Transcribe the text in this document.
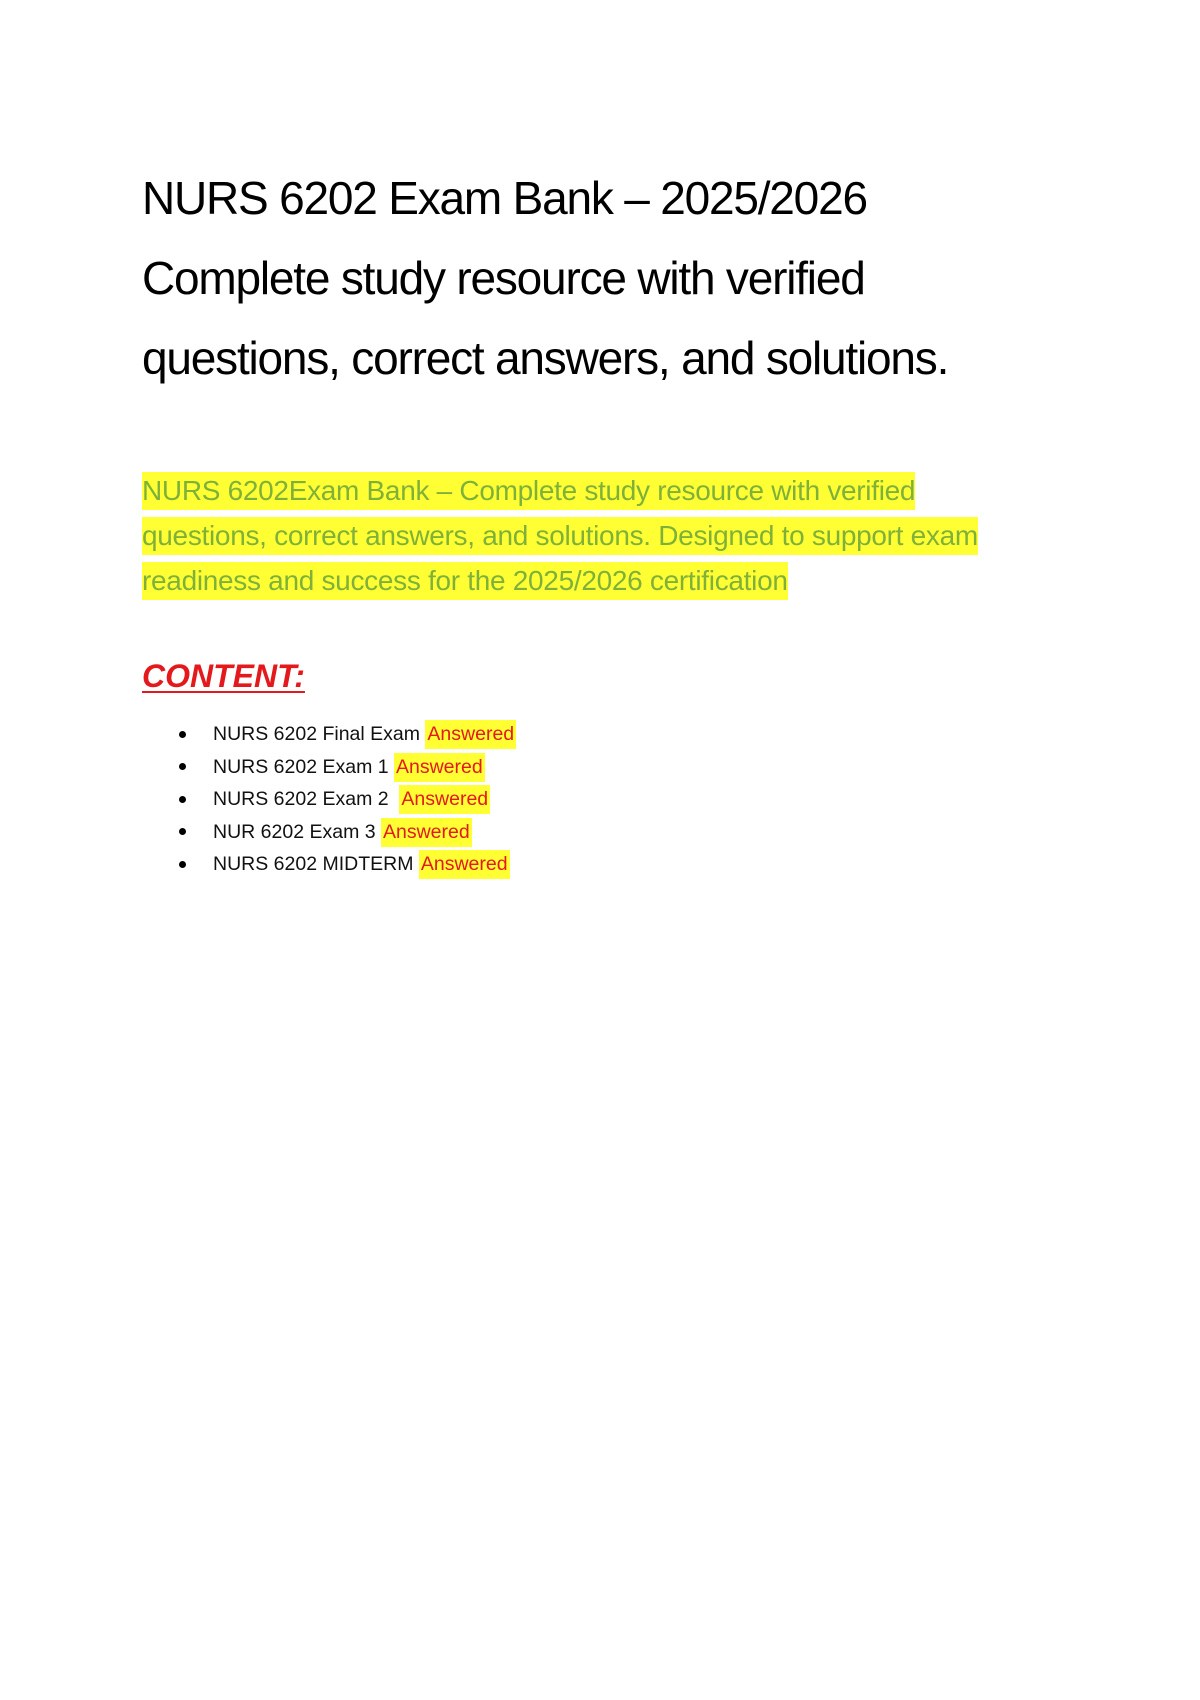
NURS 6202 Exam Bank – 2025/2026
Complete study resource with verified
questions, correct answers, and solutions.

NURS 6202Exam Bank – Complete study resource with verified
questions, correct answers, and solutions. Designed to support exam
readiness and success for the 2025/2026 certification

CONTENT:
NURS 6202 Final Exam Answered
NURS 6202 Exam 1 Answered
NURS 6202 Exam 2  Answered
NUR 6202 Exam 3 Answered
NURS 6202 MIDTERM Answered
